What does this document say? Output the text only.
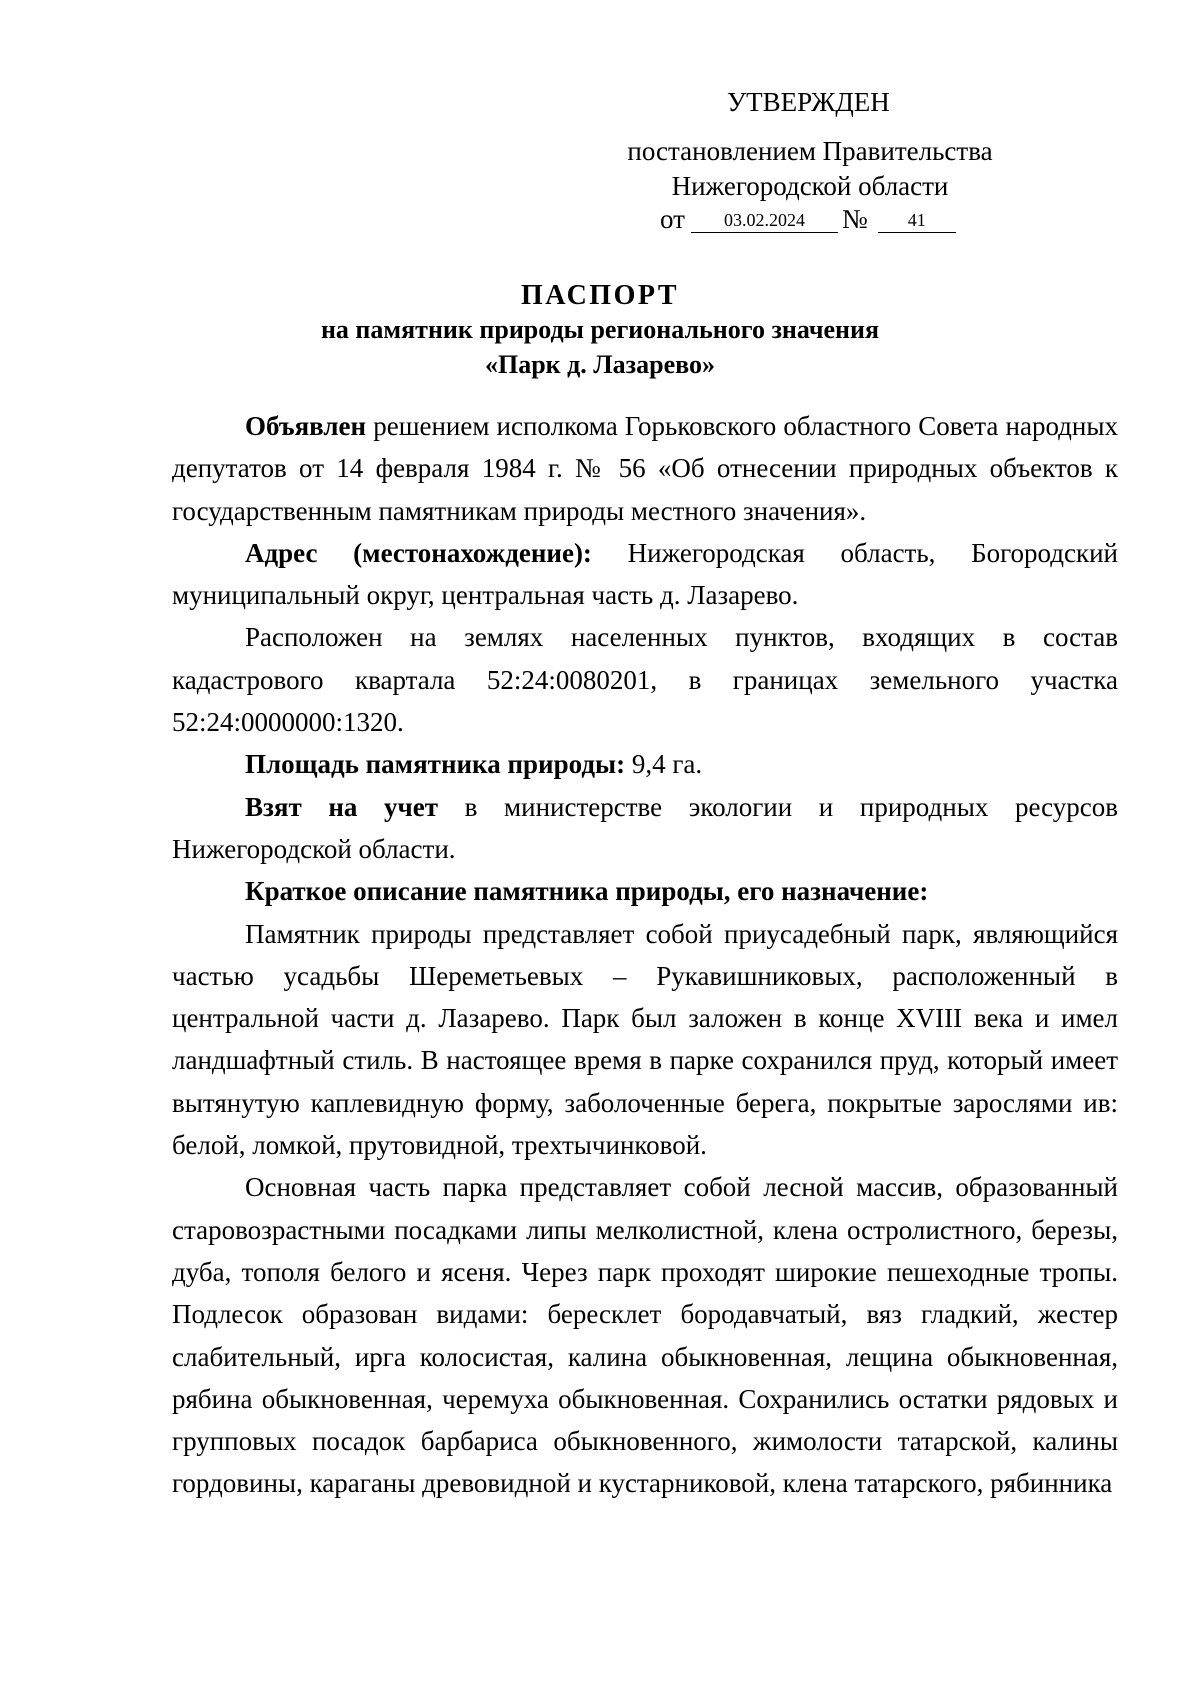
УТВЕРЖДЕН
постановлением Правительства
Нижегородской области
от 03.02.2024 № 41
ПАСПОРТ
на памятник природы регионального значения
«Парк д. Лазарево»

Объявлен решением исполкома Горьковского областного Совета народных депутатов от 14 февраля 1984 г. № 56 «Об отнесении природных объектов к государственным памятникам природы местного значения».

Адрес (местонахождение): Нижегородская область, Богородский муниципальный округ, центральная часть д. Лазарево.

Расположен на землях населенных пунктов, входящих в состав кадастрового квартала 52:24:0080201, в границах земельного участка 52:24:0000000:1320.

Площадь памятника природы: 9,4 га.

Взят на учет в министерстве экологии и природных ресурсов Нижегородской области.

Краткое описание памятника природы, его назначение:

Памятник природы представляет собой приусадебный парк, являющийся частью усадьбы Шереметьевых – Рукавишниковых, расположенный в центральной части д. Лазарево. Парк был заложен в конце XVIII века и имел ландшафтный стиль. В настоящее время в парке сохранился пруд, который имеет вытянутую каплевидную форму, заболоченные берега, покрытые зарослями ив: белой, ломкой, прутовидной, трехтычинковой.

Основная часть парка представляет собой лесной массив, образованный старовозрастными посадками липы мелколистной, клена остролистного, березы, дуба, тополя белого и ясеня. Через парк проходят широкие пешеходные тропы. Подлесок образован видами: бересклет бородавчатый, вяз гладкий, жестер слабительный, ирга колосистая, калина обыкновенная, лещина обыкновенная, рябина обыкновенная, черемуха обыкновенная. Сохранились остатки рядовых и групповых посадок барбариса обыкновенного, жимолости татарской, калины гордовины, караганы древовидной и кустарниковой, клена татарского, рябинника
